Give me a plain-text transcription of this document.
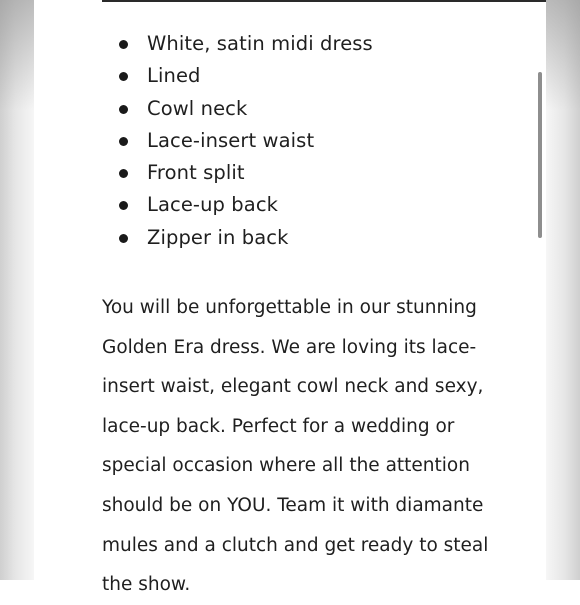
White, satin midi dress
Lined
Cowl neck
Lace-insert waist
Front split
Lace-up back
Zipper in back

You will be unforgettable in our stunning Golden Era dress. We are loving its lace-insert waist, elegant cowl neck and sexy, lace-up back. Perfect for a wedding or special occasion where all the attention should be on YOU. Team it with diamante mules and a clutch and get ready to steal the show.
